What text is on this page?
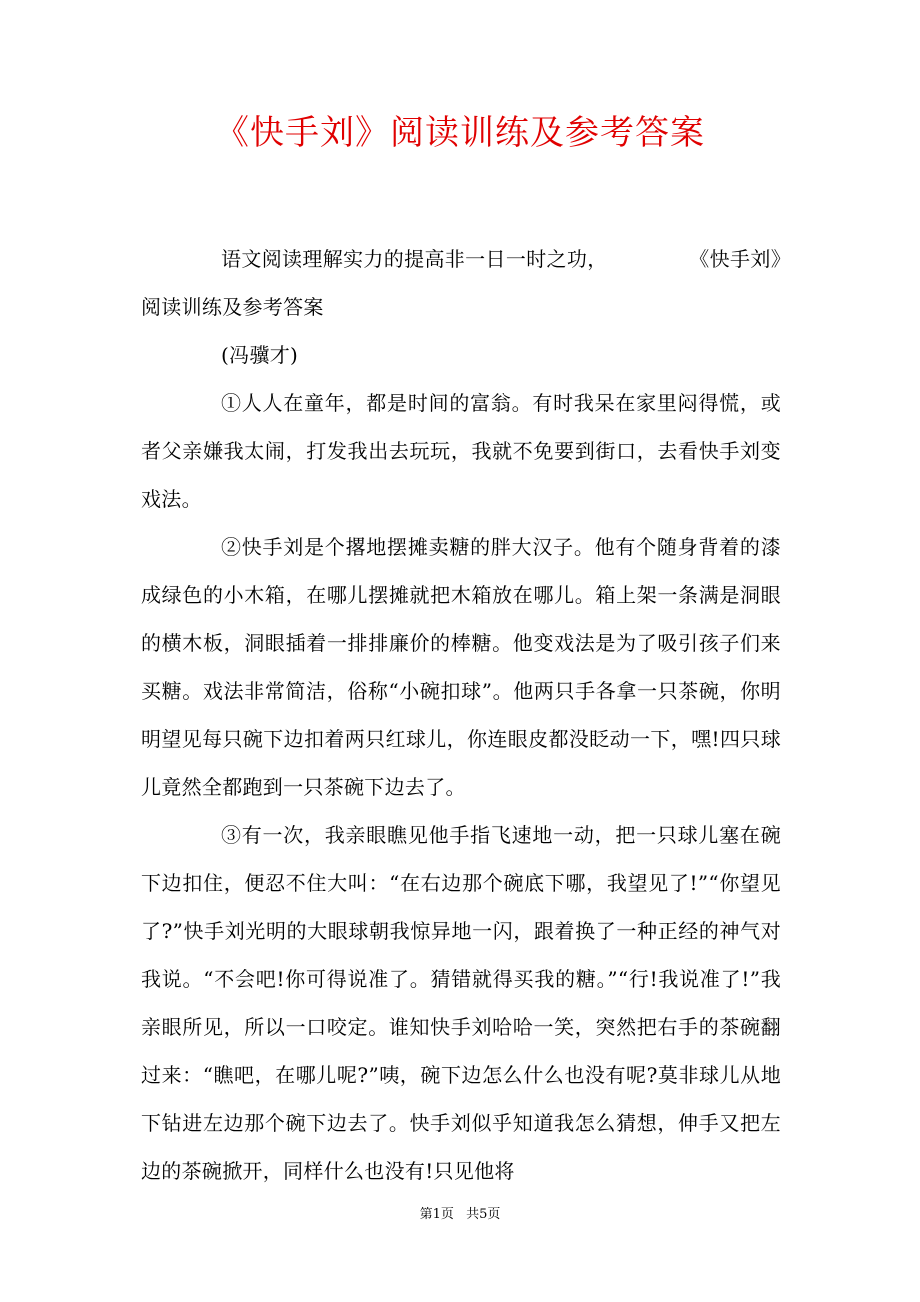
《快手刘》阅读训练及参考答案

语文阅读理解实力的提高非一日一时之功，　　　　　《快手刘》阅读训练及参考答案

(冯骥才)

①人人在童年，都是时间的富翁。有时我呆在家里闷得慌，或者父亲嫌我太闹，打发我出去玩玩，我就不免要到街口，去看快手刘变戏法。

②快手刘是个撂地摆摊卖糖的胖大汉子。他有个随身背着的漆成绿色的小木箱，在哪儿摆摊就把木箱放在哪儿。箱上架一条满是洞眼的横木板，洞眼插着一排排廉价的棒糖。他变戏法是为了吸引孩子们来买糖。戏法非常简洁，俗称“小碗扣球”。他两只手各拿一只茶碗，你明明望见每只碗下边扣着两只红球儿，你连眼皮都没眨动一下，嘿!四只球儿竟然全都跑到一只茶碗下边去了。

③有一次，我亲眼瞧见他手指飞速地一动，把一只球儿塞在碗下边扣住，便忍不住大叫：“在右边那个碗底下哪，我望见了!”“你望见了?”快手刘光明的大眼球朝我惊异地一闪，跟着换了一种正经的神气对我说。“不会吧!你可得说准了。猜错就得买我的糖。”“行!我说准了!”我亲眼所见，所以一口咬定。谁知快手刘哈哈一笑，突然把右手的茶碗翻过来：“瞧吧，在哪儿呢?”咦，碗下边怎么什么也没有呢?莫非球儿从地下钻进左边那个碗下边去了。快手刘似乎知道我怎么猜想，伸手又把左边的茶碗掀开，同样什么也没有!只见他将

第1页 共5页
